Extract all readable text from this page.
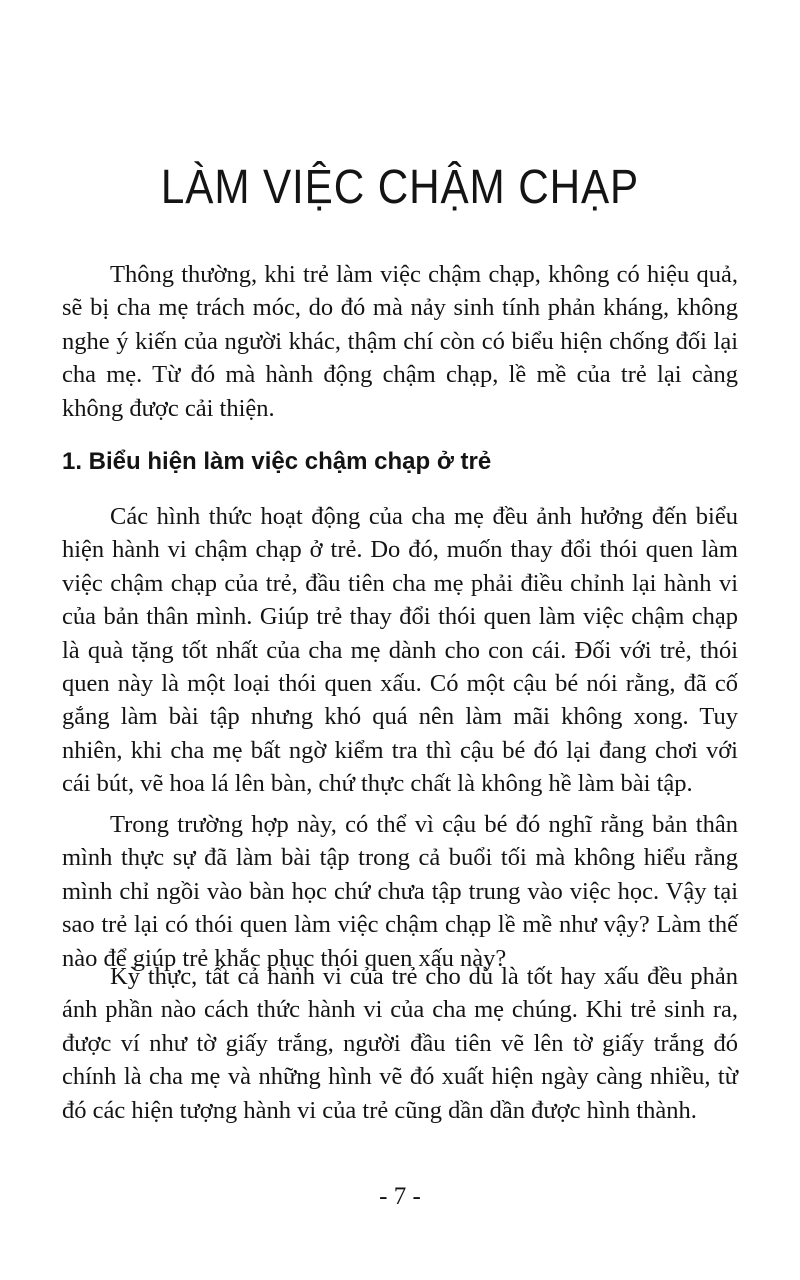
LÀM VIỆC CHẬM CHẠP

Thông thường, khi trẻ làm việc chậm chạp, không có hiệu quả, sẽ bị cha mẹ trách móc, do đó mà nảy sinh tính phản kháng, không nghe ý kiến của người khác, thậm chí còn có biểu hiện chống đối lại cha mẹ. Từ đó mà hành động chậm chạp, lề mề của trẻ lại càng không được cải thiện.

1. Biểu hiện làm việc chậm chạp ở trẻ

Các hình thức hoạt động của cha mẹ đều ảnh hưởng đến biểu hiện hành vi chậm chạp ở trẻ. Do đó, muốn thay đổi thói quen làm việc chậm chạp của trẻ, đầu tiên cha mẹ phải điều chỉnh lại hành vi của bản thân mình. Giúp trẻ thay đổi thói quen làm việc chậm chạp là quà tặng tốt nhất của cha mẹ dành cho con cái. Đối với trẻ, thói quen này là một loại thói quen xấu. Có một cậu bé nói rằng, đã cố gắng làm bài tập nhưng khó quá nên làm mãi không xong. Tuy nhiên, khi cha mẹ bất ngờ kiểm tra thì cậu bé đó lại đang chơi với cái bút, vẽ hoa lá lên bàn, chứ thực chất là không hề làm bài tập.

Trong trường hợp này, có thể vì cậu bé đó nghĩ rằng bản thân mình thực sự đã làm bài tập trong cả buổi tối mà không hiểu rằng mình chỉ ngồi vào bàn học chứ chưa tập trung vào việc học. Vậy tại sao trẻ lại có thói quen làm việc chậm chạp lề mề như vậy? Làm thế nào để giúp trẻ khắc phục thói quen xấu này?

Kỳ thực, tất cả hành vi của trẻ cho dù là tốt hay xấu đều phản ánh phần nào cách thức hành vi của cha mẹ chúng. Khi trẻ sinh ra, được ví như tờ giấy trắng, người đầu tiên vẽ lên tờ giấy trắng đó chính là cha mẹ và những hình vẽ đó xuất hiện ngày càng nhiều, từ đó các hiện tượng hành vi của trẻ cũng dần dần được hình thành.

- 7 -
